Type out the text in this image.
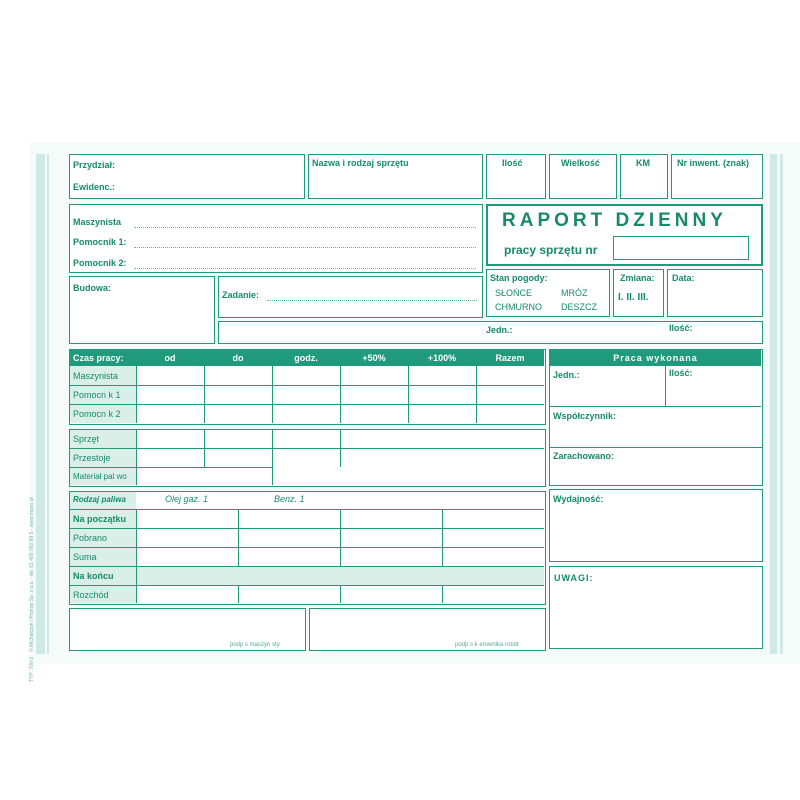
© Michalczyk i Prokop Sp. z o.o. · tel. 61 405 050 99 5 · www.mipro.pl
TYP: 700-3
Przydział:
Ewidenc.:
Nazwa i rodzaj sprzętu	Ilość	Wielkość	KM	Nr inwent. (znak)
Maszynista
Pomocnik 1:
Pomocnik 2:
RAPORT DZIENNY
pracy sprzętu nr
Budowa:
Zadanie:
Stan pogody:
SŁOŃCE	MRÓZ
CHMURNO DESZCZ
Zmiana:
I. II. III.
Data:
Jedn.:	Ilość:
Czas pracy:	od	do	godz.	+50%	+100%	Razem
Maszynista
Pomocn k 1
Pomocn k 2
Sprzęt
Przestoje
Materiał pal wo
Rodzaj paliwa	Olej gaz. 1	Benz. 1
Na początku
Pobrano
Suma
Na końcu
Rozchód
Praca wykonana
Jedn.:	Ilość:
Współczynnik:
Zarachowano:
Wydajność:
UWAGI:
podp s maszyn sty	podp s k erownika robót
